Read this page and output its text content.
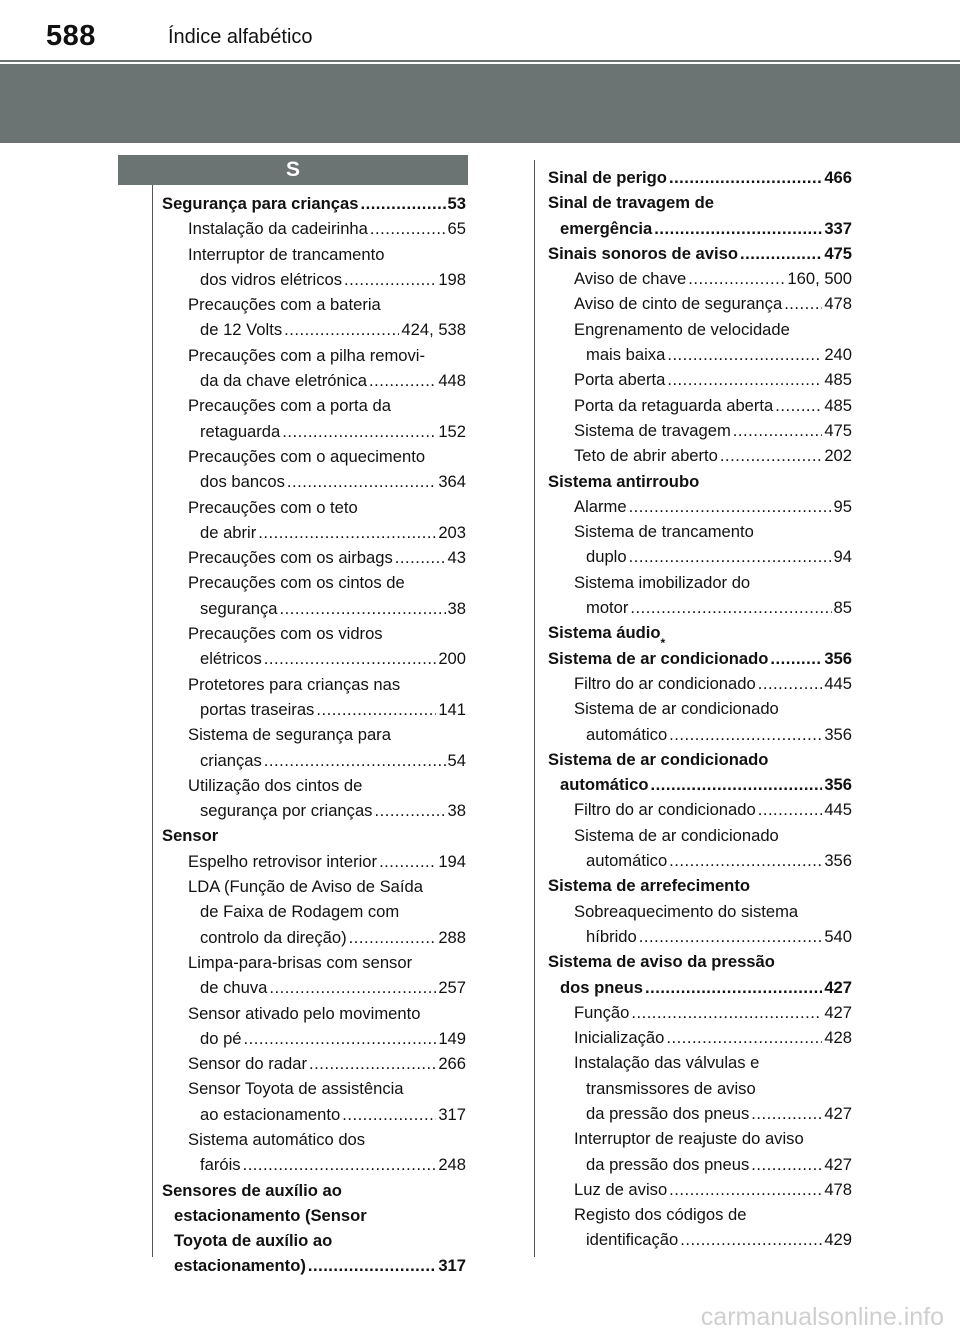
588	Índice alfabético
S
Segurança para crianças .....	53
Instalação da cadeirinha .....	65
Interruptor de trancamento
dos vidros elétricos .....	198
Precauções com a bateria
de 12 Volts .....	424, 538
Precauções com a pilha removi-
da da chave eletrónica .....	448
Precauções com a porta da
retaguarda .....	152
Precauções com o aquecimento
dos bancos .....	364
Precauções com o teto
de abrir .....	203
Precauções com os airbags .....	43
Precauções com os cintos de
segurança .....	38
Precauções com os vidros
elétricos .....	200
Protetores para crianças nas
portas traseiras .....	141
Sistema de segurança para
crianças .....	54
Utilização dos cintos de
segurança por crianças .....	38
Sensor
Espelho retrovisor interior .....	194
LDA (Função de Aviso de Saída
de Faixa de Rodagem com
controlo da direção) .....	288
Limpa-para-brisas com sensor
de chuva .....	257
Sensor ativado pelo movimento
do pé .....	149
Sensor do radar .....	266
Sensor Toyota de assistência
ao estacionamento .....	317
Sistema automático dos
faróis .....	248
Sensores de auxílio ao
estacionamento (Sensor
Toyota de auxílio ao
estacionamento) .....	317
Sinal de perigo .....	466
Sinal de travagem de
emergência .....	337
Sinais sonoros de aviso .....	475
Aviso de chave .....	160, 500
Aviso de cinto de segurança .....	478
Engrenamento de velocidade
mais baixa .....	240
Porta aberta .....	485
Porta da retaguarda aberta .....	485
Sistema de travagem .....	475
Teto de abrir aberto .....	202
Sistema antirroubo
Alarme .....	95
Sistema de trancamento
duplo .....	94
Sistema imobilizador do
motor .....	85
Sistema áudio
*
Sistema de ar condicionado .....	356
Filtro do ar condicionado .....	445
Sistema de ar condicionado
automático .....	356
Sistema de ar condicionado
automático .....	356
Filtro do ar condicionado .....	445
Sistema de ar condicionado
automático .....	356
Sistema de arrefecimento
Sobreaquecimento do sistema
híbrido .....	540
Sistema de aviso da pressão
dos pneus .....	427
Função .....	427
Inicialização .....	428
Instalação das válvulas e
transmissores de aviso
da pressão dos pneus .....	427
Interruptor de reajuste do aviso
da pressão dos pneus .....	427
Luz de aviso .....	478
Registo dos códigos de
identificação .....	429
carmanualsonline.info
